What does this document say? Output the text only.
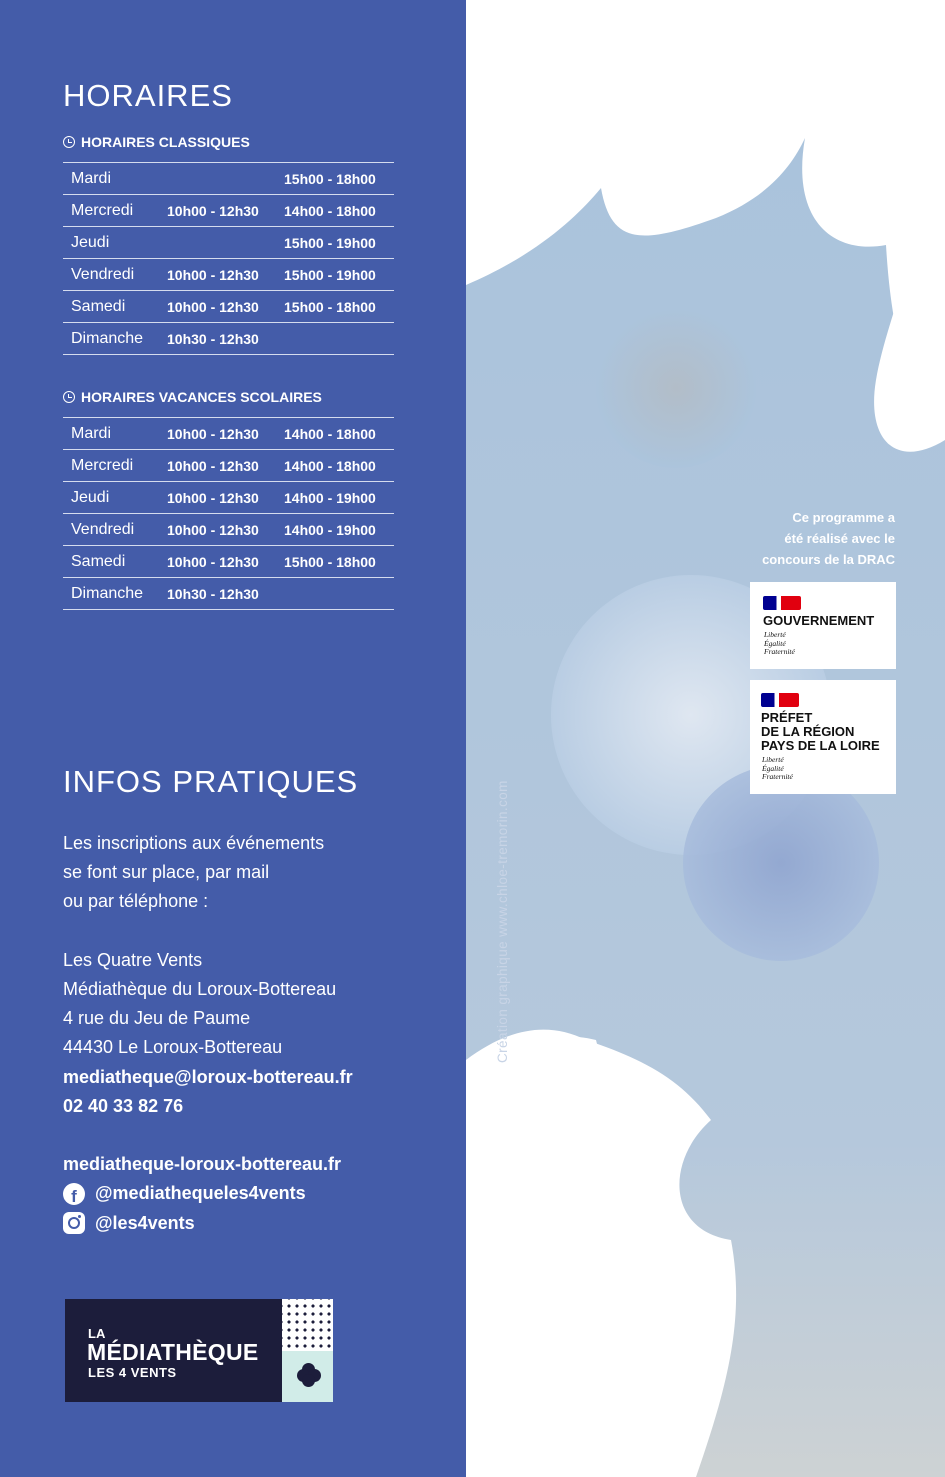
HORAIRES
HORAIRES CLASSIQUES
Mardi		15h00 - 18h00
Mercredi	10h00 - 12h30	14h00 - 18h00
Jeudi		15h00 - 19h00
Vendredi	10h00 - 12h30	15h00 - 19h00
Samedi	10h00 - 12h30	15h00 - 18h00
Dimanche	10h30 - 12h30	
HORAIRES VACANCES SCOLAIRES
Mardi	10h00 - 12h30	14h00 - 18h00
Mercredi	10h00 - 12h30	14h00 - 18h00
Jeudi	10h00 - 12h30	14h00 - 19h00
Vendredi	10h00 - 12h30	14h00 - 19h00
Samedi	10h00 - 12h30	15h00 - 18h00
Dimanche	10h30 - 12h30	
INFOS PRATIQUES
Les inscriptions aux événements
se font sur place, par mail
ou par téléphone :
Les Quatre Vents
Médiathèque du Loroux-Bottereau
4 rue du Jeu de Paume
44430 Le Loroux-Bottereau
mediatheque@loroux-bottereau.fr
02 40 33 82 76
mediatheque-loroux-bottereau.fr
f	@mediathequeles4vents
@les4vents
LA
MÉDIATHÈQUE
LES 4 VENTS
Ce programme a
été réalisé avec le
concours de la DRAC
GOUVERNEMENT
Liberté
Égalité
Fraternité
PRÉFET
DE LA RÉGION
PAYS DE LA LOIRE
Liberté
Égalité
Fraternité
Création graphique www.chloe-tremorin.com
